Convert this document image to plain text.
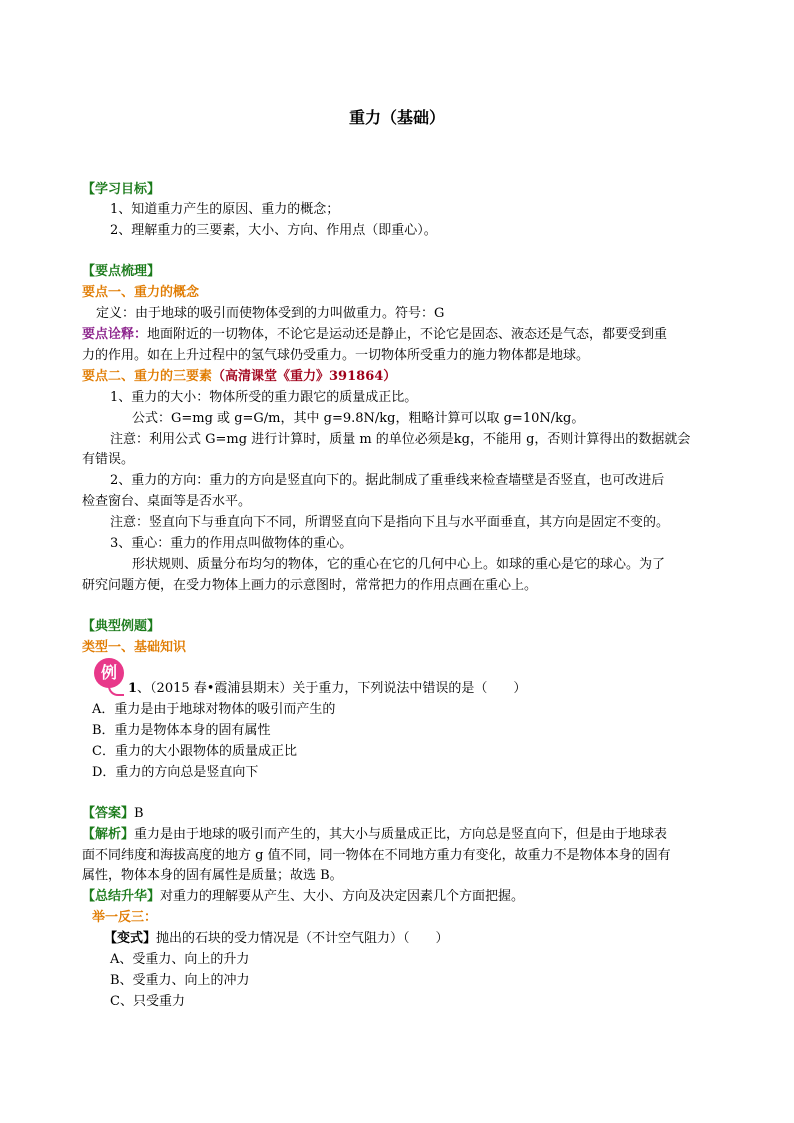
重力（基础）
【学习目标】
1、知道重力产生的原因、重力的概念；
2、理解重力的三要素，大小、方向、作用点（即重心）。
【要点梳理】
要点一、重力的概念
定义：由于地球的吸引而使物体受到的力叫做重力。符号：G
要点诠释：地面附近的一切物体，不论它是运动还是静止，不论它是固态、液态还是气态，都要受到重
力的作用。如在上升过程中的氢气球仍受重力。一切物体所受重力的施力物体都是地球。
要点二、重力的三要素（高清课堂《重力》391864）
1、重力的大小：物体所受的重力跟它的质量成正比。
公式：G=mg 或 g=G/m，其中 g=9.8N/kg，粗略计算可以取 g=10N/kg。
注意：利用公式 G=mg 进行计算时，质量 m 的单位必须是kg，不能用 g，否则计算得出的数据就会
有错误。
2、重力的方向：重力的方向是竖直向下的。据此制成了重垂线来检查墙壁是否竖直，也可改进后
检查窗台、桌面等是否水平。
注意：竖直向下与垂直向下不同，所谓竖直向下是指向下且与水平面垂直，其方向是固定不变的。
3、重心：重力的作用点叫做物体的重心。
形状规则、质量分布均匀的物体，它的重心在它的几何中心上。如球的重心是它的球心。为了
研究问题方便，在受力物体上画力的示意图时，常常把力的作用点画在重心上。
【典型例题】
类型一、基础知识
例
1、（2015 春•霞浦县期末）关于重力，下列说法中错误的是（　　）
A．重力是由于地球对物体的吸引而产生的
B．重力是物体本身的固有属性
C．重力的大小跟物体的质量成正比
D．重力的方向总是竖直向下
【答案】B
【解析】重力是由于地球的吸引而产生的，其大小与质量成正比，方向总是竖直向下，但是由于地球表
面不同纬度和海拔高度的地方 g 值不同，同一物体在不同地方重力有变化，故重力不是物体本身的固有
属性，物体本身的固有属性是质量；故选 B。
【总结升华】对重力的理解要从产生、大小、方向及决定因素几个方面把握。
举一反三：
【变式】抛出的石块的受力情况是（不计空气阻力）（　　）
A、受重力、向上的升力
B、受重力、向上的冲力
C、只受重力
